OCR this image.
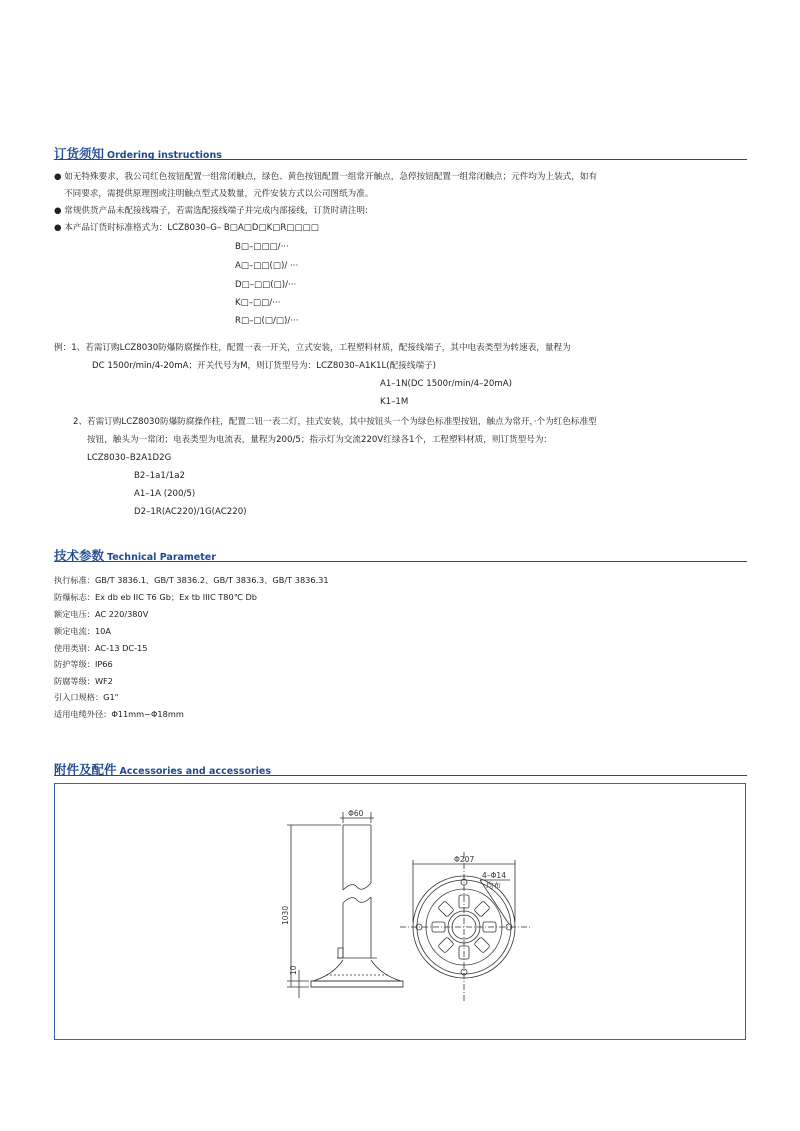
订货须知 Ordering instructions
● 如无特殊要求，我公司红色按钮配置一组常闭触点，绿色、黄色按钮配置一组常开触点，急停按钮配置一组常闭触点；元件均为上装式，如有
不同要求，需提供原理图或注明触点型式及数量，元件安装方式以公司图纸为准。
● 常规供货产品未配接线端子，若需选配接线端子并完成内部接线，订货时请注明:
● 本产品订货时标准格式为：LCZ8030–G– B□A□D□K□R□□□□
B□–□□□/···
A□–□□(□)/ ···
D□–□□(□)/···
K□–□□/···
R□–□(□/□)/···
例：1、若需订购LCZ8030防爆防腐操作柱，配置一表一开关，立式安装，工程塑料材质，配接线端子，其中电表类型为转速表，量程为
DC 1500r/min/4-20mA；开关代号为M，则订货型号为：LCZ8030–A1K1L(配接线端子)
A1–1N(DC 1500r/min/4–20mA)
K1–1M
2、若需订购LCZ8030防爆防腐操作柱，配置二钮一表二灯，挂式安装，其中按钮头一个为绿色标准型按钮，触点为常开，·个为红色标准型
按钮，触头为一常闭；电表类型为电流表，量程为200/5；指示灯为交流220V红绿各1个，工程塑料材质，则订货型号为：
LCZ8030–B2A1D2G
B2–1a1/1a2
A1–1A (200/5)
D2–1R(AC220)/1G(AC220)
技术参数 Technical Parameter
执行标准：GB/T 3836.1、GB/T 3836.2、GB/T 3836.3、GB/T 3836.31
防爆标志：Ex db eb IIC T6 Gb；Ex tb IIIC T80℃ Db
额定电压：AC 220/380V
额定电流：10A
使用类别：AC-13 DC-15
防护等级：IP66
防腐等级：WF2
引入口规格：G1"
适用电缆外径：Φ11mm~Φ18mm
附件及配件 Accessories and accessories
Φ60
1030
10
Φ207
4–Φ14
均布
